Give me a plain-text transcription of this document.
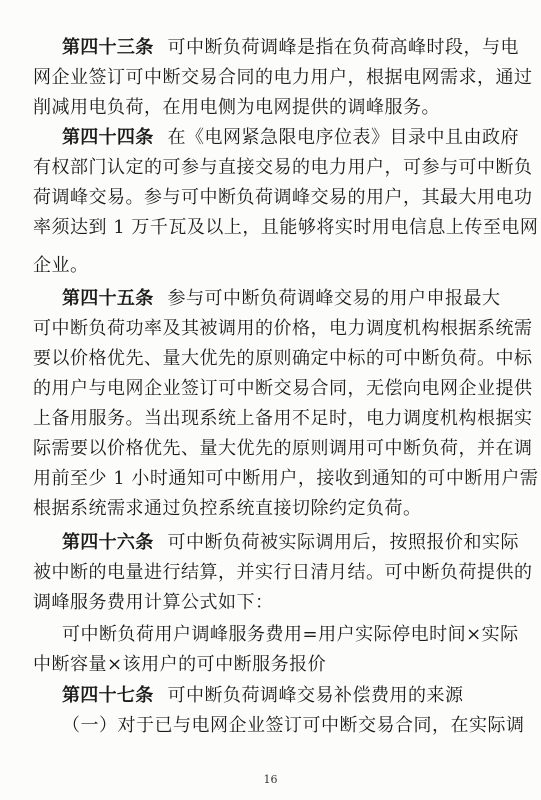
第四十三条 可中断负荷调峰是指在负荷高峰时段，与电
网企业签订可中断交易合同的电力用户，根据电网需求，通过
削减用电负荷，在用电侧为电网提供的调峰服务。
第四十四条 在《电网紧急限电序位表》目录中且由政府
有权部门认定的可参与直接交易的电力用户，可参与可中断负
荷调峰交易。参与可中断负荷调峰交易的用户，其最大用电功
率须达到 1 万千瓦及以上，且能够将实时用电信息上传至电网
企业。
第四十五条 参与可中断负荷调峰交易的用户申报最大
可中断负荷功率及其被调用的价格，电力调度机构根据系统需
要以价格优先、量大优先的原则确定中标的可中断负荷。中标
的用户与电网企业签订可中断交易合同，无偿向电网企业提供
上备用服务。当出现系统上备用不足时，电力调度机构根据实
际需要以价格优先、量大优先的原则调用可中断负荷，并在调
用前至少 1 小时通知可中断用户，接收到通知的可中断用户需
根据系统需求通过负控系统直接切除约定负荷。
第四十六条 可中断负荷被实际调用后，按照报价和实际
被中断的电量进行结算，并实行日清月结。可中断负荷提供的
调峰服务费用计算公式如下：
可中断负荷用户调峰服务费用=用户实际停电时间×实际
中断容量×该用户的可中断服务报价
第四十七条 可中断负荷调峰交易补偿费用的来源
（一）对于已与电网企业签订可中断交易合同，在实际调
16
